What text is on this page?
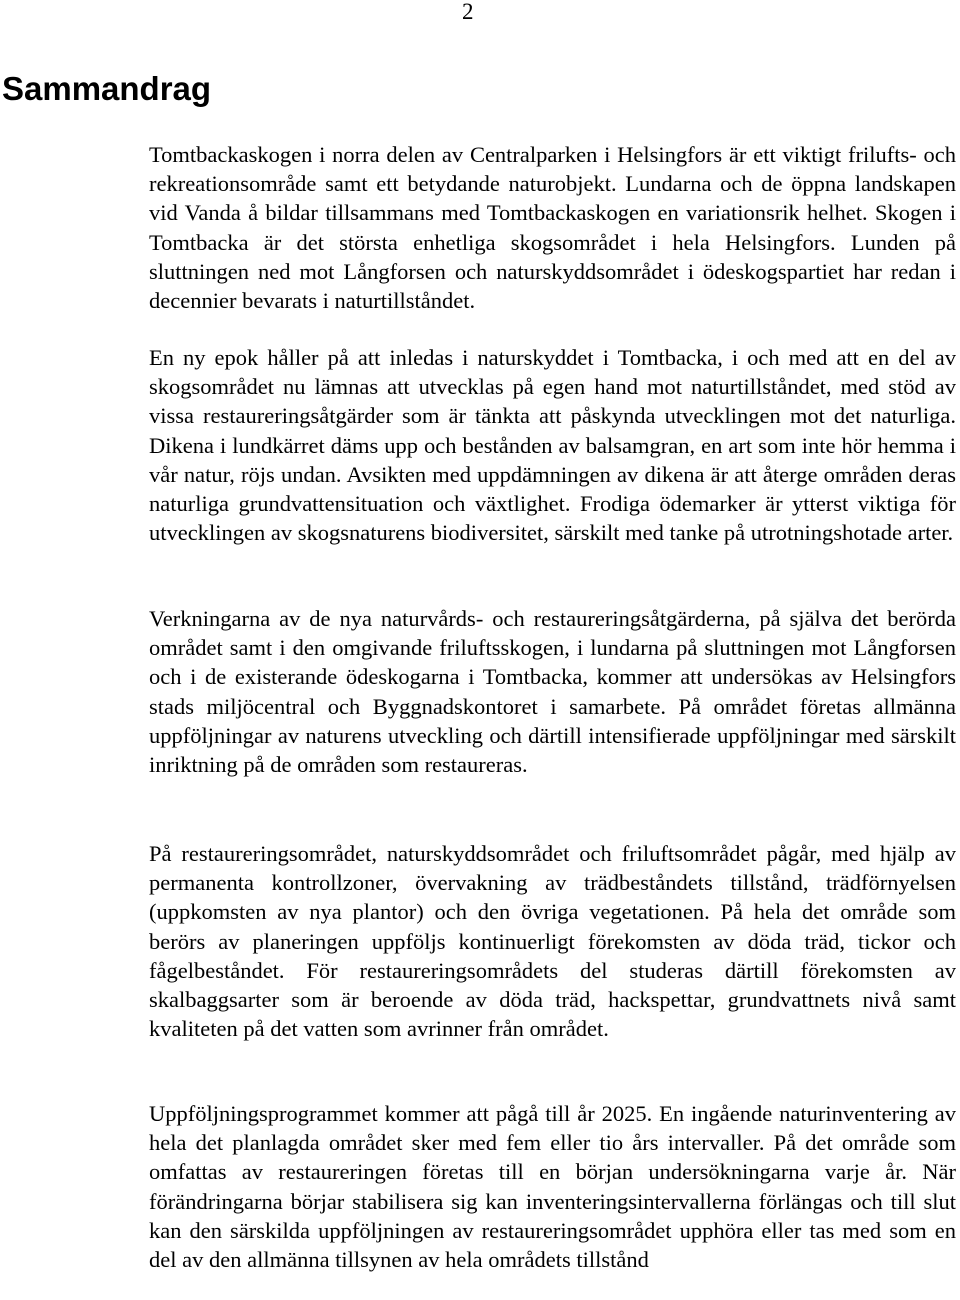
2
Sammandrag

Tomtbackaskogen i norra delen av Centralparken i Helsingfors är ett viktigt frilufts- och rekreationsområde samt ett betydande naturobjekt. Lundarna och de öppna landskapen vid Vanda å bildar tillsammans med Tomtbackaskogen en variationsrik helhet. Skogen i Tomtbacka är det största enhetliga skogsområdet i hela Helsingfors. Lunden på sluttningen ned mot Långforsen och naturskyddsområdet i ödeskogspartiet har redan i decennier bevarats i naturtillståndet.

En ny epok håller på att inledas i naturskyddet i Tomtbacka, i och med att en del av skogsområdet nu lämnas att utvecklas på egen hand mot naturtillståndet, med stöd av vissa restaureringsåtgärder som är tänkta att påskynda utvecklingen mot det naturliga. Dikena i lundkärret däms upp och bestånden av balsamgran, en art som inte hör hemma i vår natur, röjs undan. Avsikten med uppdämningen av dikena är att återge områden deras naturliga grundvattensituation och växtlighet. Frodiga ödemarker är ytterst viktiga för utvecklingen av skogsnaturens biodiversitet, särskilt med tanke på utrotningshotade arter.

Verkningarna av de nya naturvårds- och restaureringsåtgärderna, på själva det berörda området samt i den omgivande friluftsskogen, i lundarna på sluttningen mot Långforsen och i de existerande ödeskogarna i Tomtbacka, kommer att undersökas av Helsingfors stads miljöcentral och Byggnadskontoret i samarbete. På området företas allmänna uppföljningar av naturens utveckling och därtill intensifierade uppföljningar med särskilt inriktning på de områden som restaureras.

På restaureringsområdet, naturskyddsområdet och friluftsområdet pågår, med hjälp av permanenta kontrollzoner, övervakning av trädbeståndets tillstånd, trädförnyelsen (uppkomsten av nya plantor) och den övriga vegetationen. På hela det område som berörs av planeringen uppföljs kontinuerligt förekomsten av döda träd, tickor och fågelbeståndet. För restaureringsområdets del studeras därtill förekomsten av skalbaggsarter som är beroende av döda träd, hackspettar, grundvattnets nivå samt kvaliteten på det vatten som avrinner från området.

Uppföljningsprogrammet kommer att pågå till år 2025. En ingående naturinventering av hela det planlagda området sker med fem eller tio års intervaller. På det område som omfattas av restaureringen företas till en början undersökningarna varje år. När förändringarna börjar stabilisera sig kan inventeringsintervallerna förlängas och till slut kan den särskilda uppföljningen av restaureringsområdet upphöra eller tas med som en del av den allmänna tillsynen av hela områdets tillstånd
